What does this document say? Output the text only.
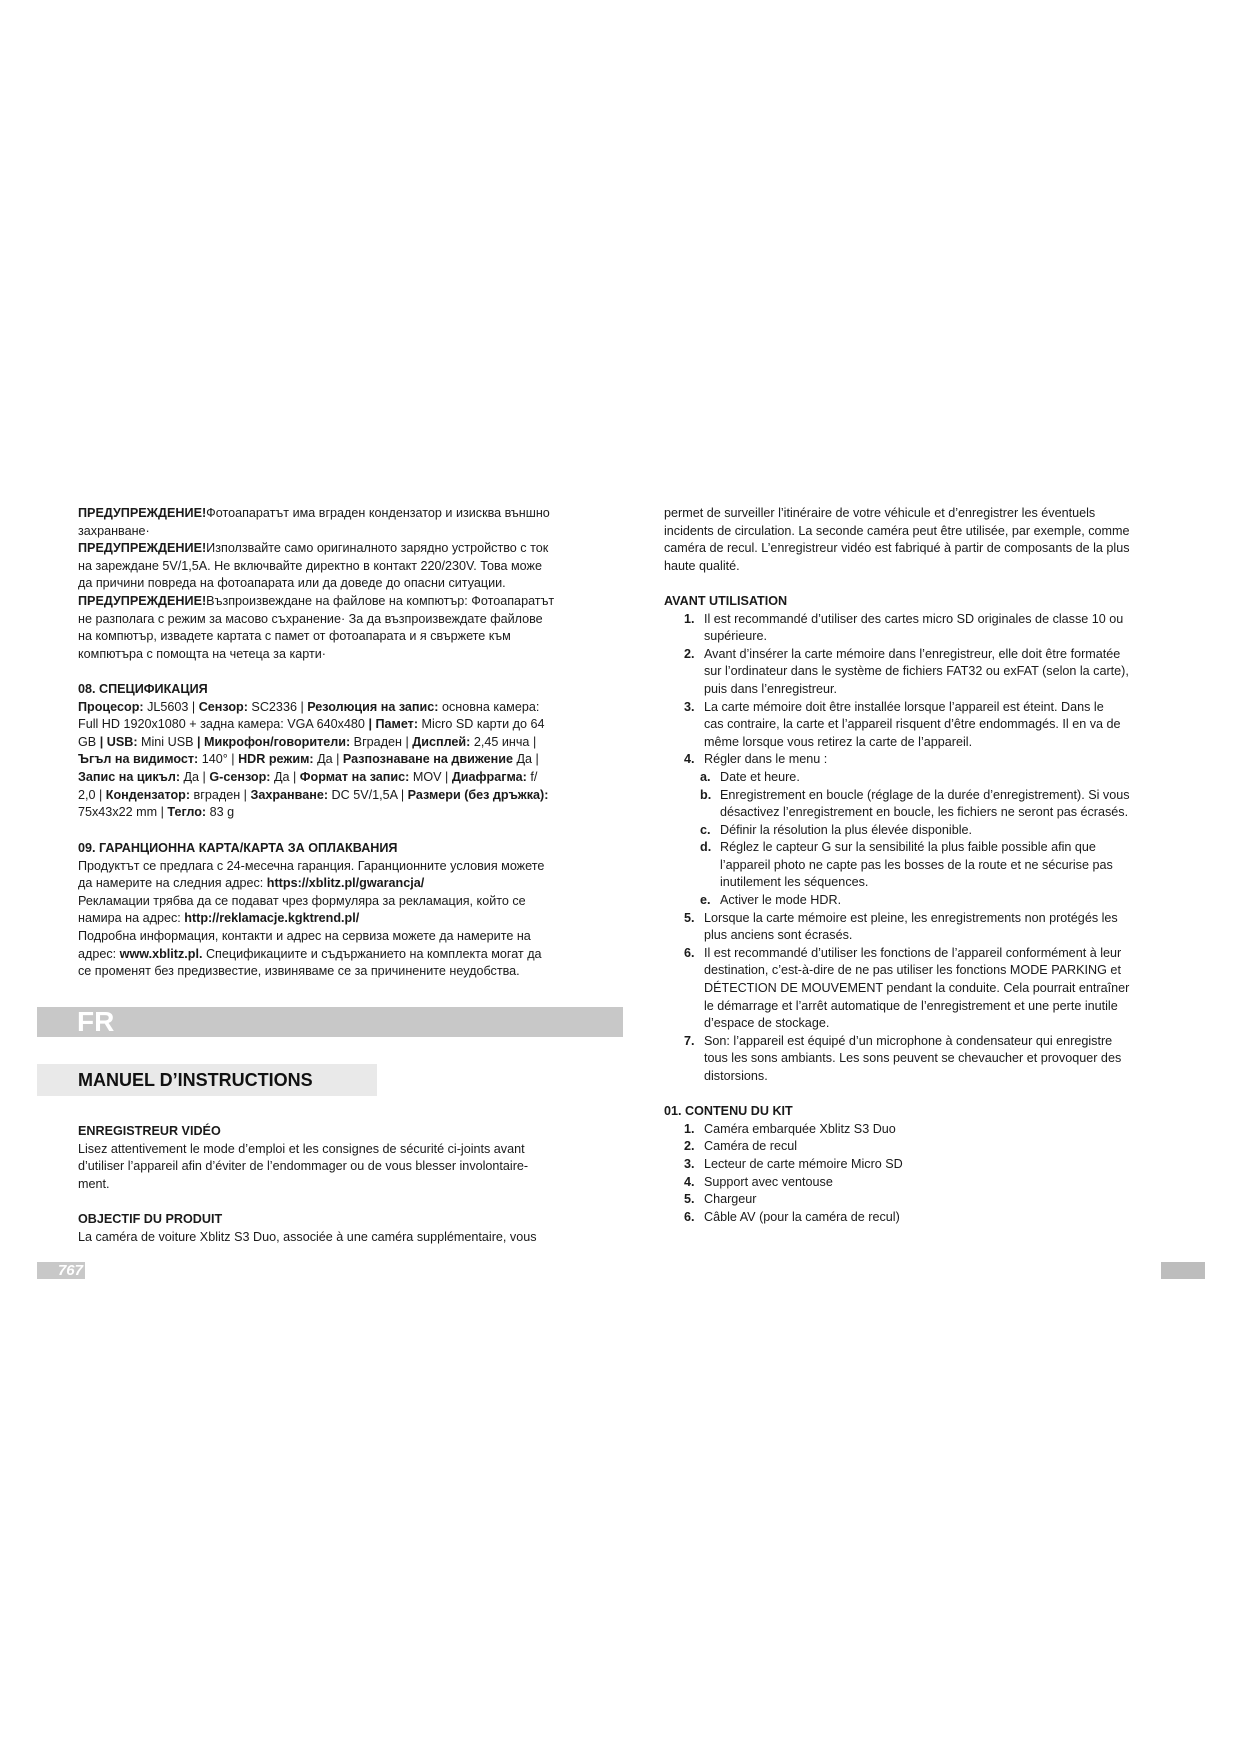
ПРЕДУПРЕЖДЕНИЕ!Фотоапаратът има вграден кондензатор и изисква външно

захранване·

ПРЕДУПРЕЖДЕНИЕ!Използвайте само оригиналното зарядно устройство с ток

на зареждане 5V/1,5A. Не включвайте директно в контакт 220/230V. Това може

да причини повреда на фотоапарата или да доведе до опасни ситуации.

ПРЕДУПРЕЖДЕНИЕ!Възпроизвеждане на файлове на компютър: Фотоапаратът

не разполага с режим за масово съхранение· За да възпроизвеждате файлове

на компютър, извадете картата с памет от фотоапарата и я свържете към

компютъра с помощта на четеца за карти·

08. СПЕЦИФИКАЦИЯ

Процесор: JL5603 | Сензор: SC2336 | Резолюция на запис: основна камера:

Full HD 1920x1080 + задна камера: VGA 640x480 | Памет: Micro SD карти до 64

GB | USB: Mini USB | Микрофон/говорители: Вграден | Дисплей: 2,45 инча |

Ъгъл на видимост: 140° | HDR режим: Да | Разпознаване на движение Да |

Запис на цикъл: Да | G-сензор: Да | Формат на запис: MOV | Диафрагма: f/

2,0 | Кондензатор: вграден | Захранване: DC 5V/1,5A | Размери (без дръжка):

75x43x22 mm | Тегло: 83 g

09. ГАРАНЦИОННА КАРТА/КАРТА ЗА ОПЛАКВАНИЯ

Продуктът се предлага с 24-месечна гаранция. Гаранционните условия можете

да намерите на следния адрес: https://xblitz.pl/gwarancja/

Рекламации трябва да се подават чрез формуляра за рекламация, който се

намира на адрес: http://reklamacje.kgktrend.pl/

Подробна информация, контакти и адрес на сервиза можете да намерите на

адрес: www.xblitz.pl. Спецификациите и съдържанието на комплекта могат да

се променят без предизвестие, извиняваме се за причинените неудобства.

FR
MANUEL D’INSTRUCTIONS

ENREGISTREUR VIDÉO

Lisez attentivement le mode d’emploi et les consignes de sécurité ci-joints avant

d’utiliser l’appareil afin d’éviter de l’endommager ou de vous blesser involontaire-

ment.

OBJECTIF DU PRODUIT

La caméra de voiture Xblitz S3 Duo, associée à une caméra supplémentaire, vous

767

permet de surveiller l’itinéraire de votre véhicule et d’enregistrer les éventuels

incidents de circulation. La seconde caméra peut être utilisée, par exemple, comme

caméra de recul. L’enregistreur vidéo est fabriqué à partir de composants de la plus

haute qualité.

AVANT UTILISATION

1. Il est recommandé d’utiliser des cartes micro SD originales de classe 10 ou
supérieure.
2. Avant d’insérer la carte mémoire dans l’enregistreur, elle doit être formatée
sur l’ordinateur dans le système de fichiers FAT32 ou exFAT (selon la carte),
puis dans l’enregistreur.
3. La carte mémoire doit être installée lorsque l’appareil est éteint. Dans le
cas contraire, la carte et l’appareil risquent d’être endommagés. Il en va de
même lorsque vous retirez la carte de l’appareil.
4. Régler dans le menu :
a. Date et heure.
b. Enregistrement en boucle (réglage de la durée d’enregistrement). Si vous
désactivez l’enregistrement en boucle, les fichiers ne seront pas écrasés.
c. Définir la résolution la plus élevée disponible.
d. Réglez le capteur G sur la sensibilité la plus faible possible afin que
l’appareil photo ne capte pas les bosses de la route et ne sécurise pas
inutilement les séquences.
e. Activer le mode HDR.
5. Lorsque la carte mémoire est pleine, les enregistrements non protégés les
plus anciens sont écrasés.
6. Il est recommandé d’utiliser les fonctions de l’appareil conformément à leur
destination, c’est-à-dire de ne pas utiliser les fonctions MODE PARKING et
DÉTECTION DE MOUVEMENT pendant la conduite. Cela pourrait entraîner
le démarrage et l’arrêt automatique de l’enregistrement et une perte inutile
d’espace de stockage.
7. Son: l’appareil est équipé d’un microphone à condensateur qui enregistre
tous les sons ambiants. Les sons peuvent se chevaucher et provoquer des
distorsions.

01. CONTENU DU KIT

1. Caméra embarquée Xblitz S3 Duo
2. Caméra de recul
3. Lecteur de carte mémoire Micro SD
4. Support avec ventouse
5. Chargeur
6. Câble AV (pour la caméra de recul)
